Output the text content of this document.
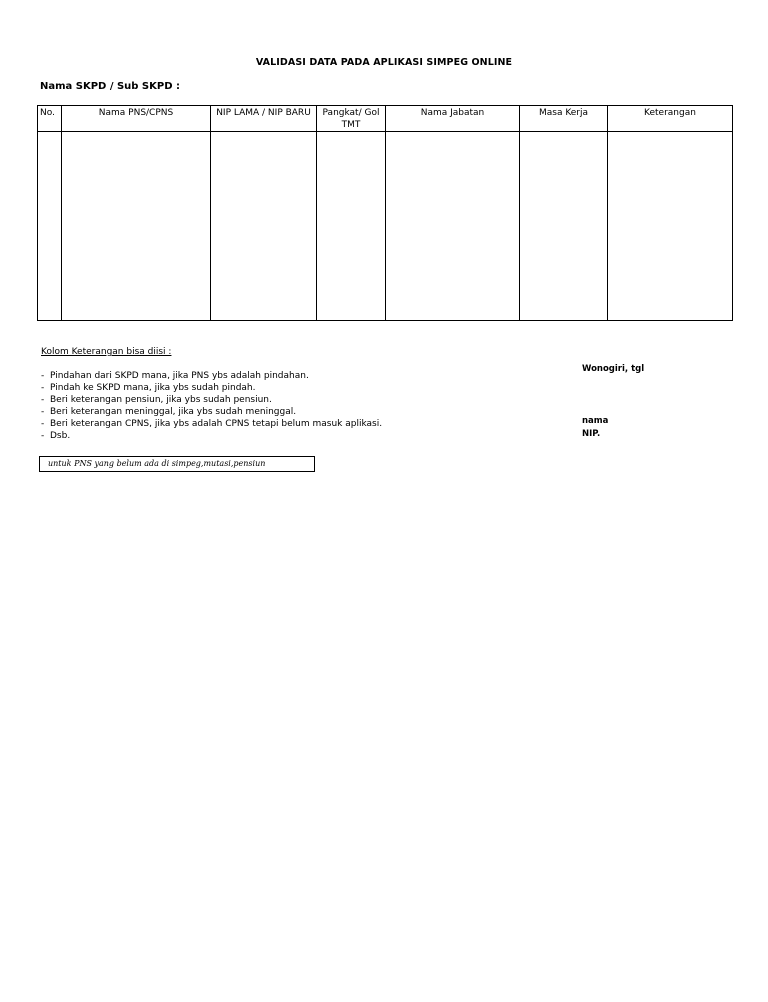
VALIDASI DATA PADA APLIKASI SIMPEG ONLINE
Nama SKPD / Sub SKPD :
No.	Nama PNS/CPNS	NIP LAMA / NIP BARU	Pangkat/ Gol TMT	Nama Jabatan	Masa Kerja	Keterangan

Kolom Keterangan bisa diisi :
- Pindahan dari SKPD mana, jika PNS ybs adalah pindahan.
- Pindah ke SKPD mana, jika ybs sudah pindah.
- Beri keterangan pensiun, jika ybs sudah pensiun.
- Beri keterangan meninggal, jika ybs sudah meninggal.
- Beri keterangan CPNS, jika ybs adalah CPNS tetapi belum masuk aplikasi.
- Dsb.
Wonogiri, tgl
nama
NIP.
untuk PNS yang belum ada di simpeg,mutasi,pensiun
